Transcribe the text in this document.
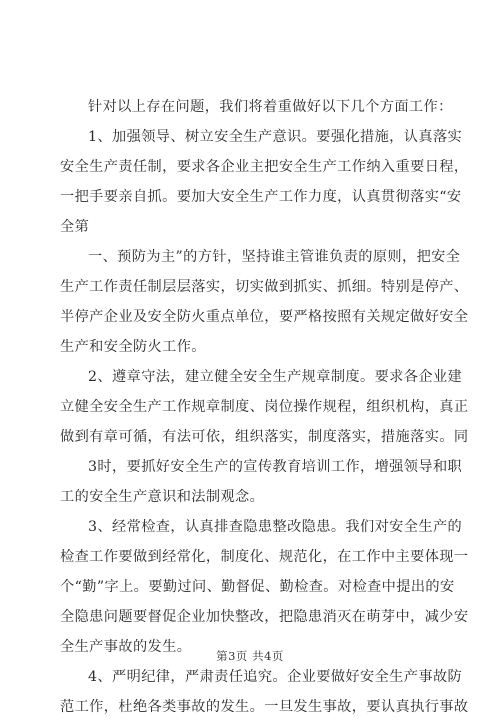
针对以上存在问题，我们将着重做好以下几个方面工作：

1、加强领导、树立安全生产意识。要强化措施，认真落实
安全生产责任制，要求各企业主把安全生产工作纳入重要日程，
一把手要亲自抓。要加大安全生产工作力度，认真贯彻落实“安
全第

一、预防为主”的方针，坚持谁主管谁负责的原则，把安全
生产工作责任制层层落实，切实做到抓实、抓细。特别是停产、
半停产企业及安全防火重点单位，要严格按照有关规定做好安全
生产和安全防火工作。

2、遵章守法，建立健全安全生产规章制度。要求各企业建
立健全安全生产工作规章制度、岗位操作规程，组织机构，真正
做到有章可循，有法可依，组织落实，制度落实，措施落实。同

3时，要抓好安全生产的宣传教育培训工作，增强领导和职
工的安全生产意识和法制观念。

3、经常检查，认真排查隐患整改隐患。我们对安全生产的
检查工作要做到经常化，制度化、规范化，在工作中主要体现一
个“勤”字上。要勤过问、勤督促、勤检查。对检查中提出的安
全隐患问题要督促企业加快整改，把隐患消灭在萌芽中，减少安
全生产事故的发生。

4、严明纪律，严肃责任追究。企业要做好安全生产事故防
范工作，杜绝各类事故的发生。一旦发生事故，要认真执行事故

第3页 共4页
